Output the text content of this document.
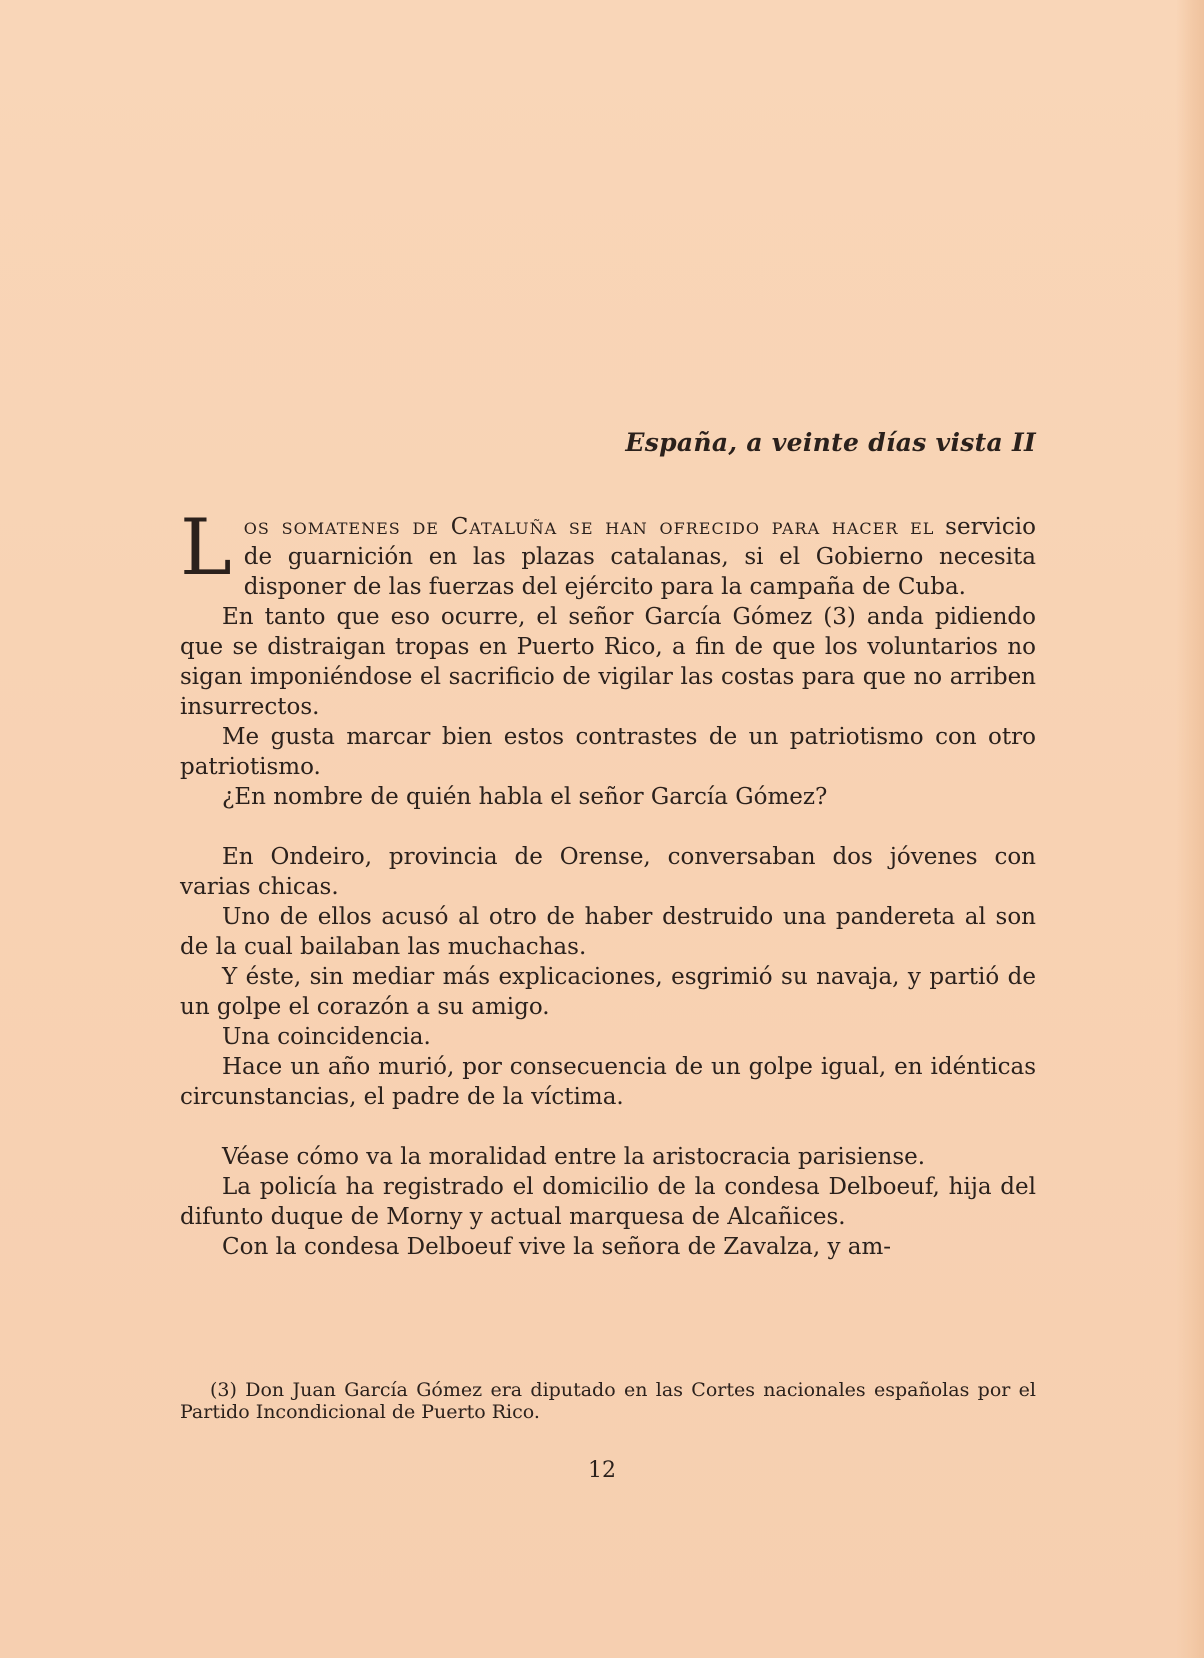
España, a veinte días vista II

Los somatenes de Cataluña se han ofrecido para hacer el servicio de guarnición en las plazas catalanas, si el Gobierno necesita disponer de las fuerzas del ejército para la campaña de Cuba.

En tanto que eso ocurre, el señor García Gómez (3) anda pidiendo que se distraigan tropas en Puerto Rico, a fin de que los voluntarios no sigan imponiéndose el sacrificio de vigilar las costas para que no arriben insurrectos.

Me gusta marcar bien estos contrastes de un patriotismo con otro patriotismo.

¿En nombre de quién habla el señor García Gómez?

En Ondeiro, provincia de Orense, conversaban dos jóvenes con varias chicas.

Uno de ellos acusó al otro de haber destruido una pandereta al son de la cual bailaban las muchachas.

Y éste, sin mediar más explicaciones, esgrimió su navaja, y partió de un golpe el corazón a su amigo.

Una coincidencia.

Hace un año murió, por consecuencia de un golpe igual, en idénticas circunstancias, el padre de la víctima.

Véase cómo va la moralidad entre la aristocracia parisiense.

La policía ha registrado el domicilio de la condesa Delboeuf, hija del difunto duque de Morny y actual marquesa de Alcañices.

Con la condesa Delboeuf vive la señora de Zavalza, y am-

(3) Don Juan García Gómez era diputado en las Cortes nacionales españolas por el Partido Incondicional de Puerto Rico.

12
